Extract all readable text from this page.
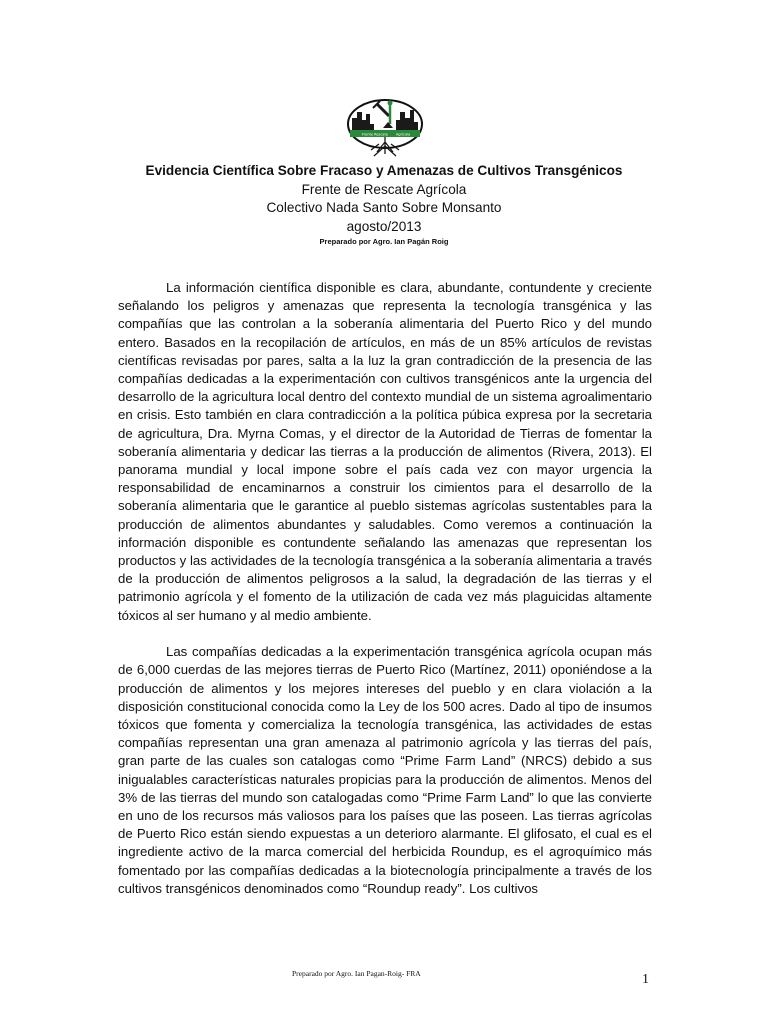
Frente Rescate Agrícola
Evidencia Científica Sobre Fracaso y Amenazas de Cultivos Transgénicos
Frente de Rescate Agrícola
Colectivo Nada Santo Sobre Monsanto
agosto/2013
Preparado por Agro. Ian Pagán Roig

La información científica disponible es clara, abundante, contundente y creciente señalando los peligros y amenazas que representa la tecnología transgénica y las compañías que las controlan a la soberanía alimentaria del Puerto Rico y del mundo entero. Basados en la recopilación de artículos, en más de un 85% artículos de revistas científicas revisadas por pares, salta a la luz la gran contradicción de la presencia de las compañías dedicadas a la experimentación con cultivos transgénicos ante la urgencia del desarrollo de la agricultura local dentro del contexto mundial de un sistema agroalimentario en crisis. Esto también en clara contradicción a la política púbica expresa por la secretaria de agricultura, Dra. Myrna Comas, y el director de la Autoridad de Tierras de fomentar la soberanía alimentaria y dedicar las tierras a la producción de alimentos (Rivera, 2013). El panorama mundial y local impone sobre el país cada vez con mayor urgencia la responsabilidad de encaminarnos a construir los cimientos para el desarrollo de la soberanía alimentaria que le garantice al pueblo sistemas agrícolas sustentables para la producción de alimentos abundantes y saludables. Como veremos a continuación la información disponible es contundente señalando las amenazas que representan los productos y las actividades de la tecnología transgénica a la soberanía alimentaria a través de la producción de alimentos peligrosos a la salud, la degradación de las tierras y el patrimonio agrícola y el fomento de la utilización de cada vez más plaguicidas altamente tóxicos al ser humano y al medio ambiente.

Las compañías dedicadas a la experimentación transgénica agrícola ocupan más de 6,000 cuerdas de las mejores tierras de Puerto Rico (Martínez, 2011) oponiéndose a la producción de alimentos y los mejores intereses del pueblo y en clara violación a la disposición constitucional conocida como la Ley de los 500 acres. Dado al tipo de insumos tóxicos que fomenta y comercializa la tecnología transgénica, las actividades de estas compañías representan una gran amenaza al patrimonio agrícola y las tierras del país, gran parte de las cuales son catalogas como “Prime Farm Land” (NRCS) debido a sus inigualables características naturales propicias para la producción de alimentos. Menos del 3% de las tierras del mundo son catalogadas como “Prime Farm Land” lo que las convierte en uno de los recursos más valiosos para los países que las poseen. Las tierras agrícolas de Puerto Rico están siendo expuestas a un deterioro alarmante. El glifosato, el cual es el ingrediente activo de la marca comercial del herbicida Roundup, es el agroquímico más fomentado por las compañías dedicadas a la biotecnología principalmente a través de los cultivos transgénicos denominados como “Roundup ready”. Los cultivos

Preparado por Agro. Ian Pagan-Roig- FRA	1
